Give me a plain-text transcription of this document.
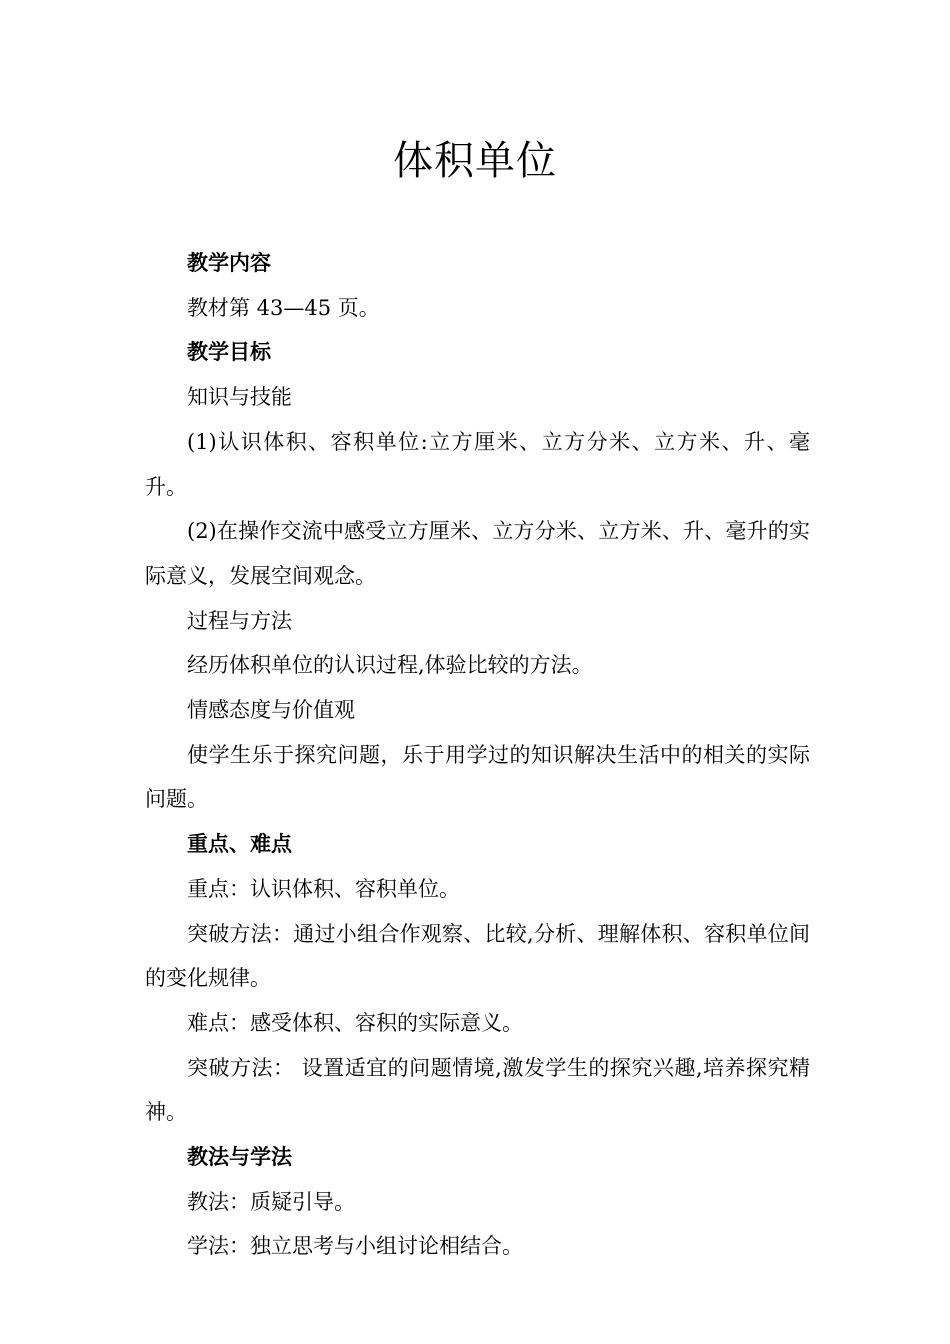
体积单位

教学内容

教材第 43—45 页。

教学目标

知识与技能

(1)认识体积、容积单位:立方厘米、立方分米、立方米、升、毫升。

(2)在操作交流中感受立方厘米、立方分米、立方米、升、毫升的实际意义，发展空间观念。

过程与方法

经历体积单位的认识过程,体验比较的方法。

情感态度与价值观

使学生乐于探究问题，乐于用学过的知识解决生活中的相关的实际问题。

重点、难点

重点：认识体积、容积单位。

突破方法：通过小组合作观察、比较,分析、理解体积、容积单位间的变化规律。

难点：感受体积、容积的实际意义。

突破方法： 设置适宜的问题情境,激发学生的探究兴趣,培养探究精神。

教法与学法

教法：质疑引导。

学法：独立思考与小组讨论相结合。
